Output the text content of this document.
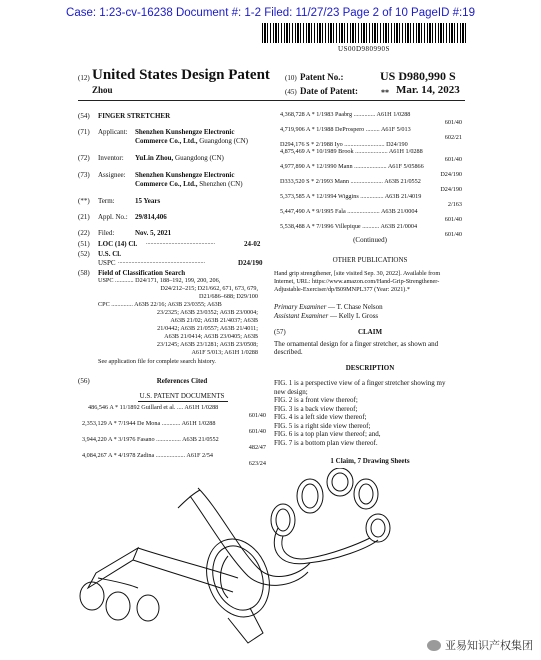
Case: 1:23-cv-16238 Document #: 1-2 Filed: 11/27/23 Page 2 of 10 PageID #:19
US00D980990S
(12) United States Design Patent
Zhou
(10) Patent No.:	US D980,990 S
(45) Date of Patent:	** Mar. 14, 2023
(54) FINGER STRETCHER
(71) Applicant: Shenzhen Kunshengze Electronic
Commerce Co., Ltd., Guangdong (CN)
(72) Inventor: YuLin Zhou, Guangdong (CN)
(73) Assignee: Shenzhen Kunshengze Electronic
Commerce Co., Ltd., Shenzhen (CN)
(**) Term:	15 Years
(21) Appl. No.: 29/814,406
(22) Filed:	Nov. 5, 2021
(51) LOC (14) Cl. ..............................................	24-02
(52) U.S. Cl.
USPC ..........................................................	D24/190
(58) Field of Classification Search
USPC ............ D24/171, 188–192, 199, 200, 206,
D24/212–215; D21/662, 671, 673, 679,
D21/686–688; D29/100
CPC .............. A63B 22/16; A63B 23/0355; A63B
23/2325; A63B 23/0352; A63B 23/0004;
A63B 21/02; A63B 21/4037; A63B
21/0442; A63B 21/0557; A63B 21/4011;
A63B 21/0414; A63B 23/0405; A63B
23/1245; A63B 23/1281; A63B 23/0508;
A61F 5/013; A61H 1/0288
See application file for complete search history.
(56)	References Cited
U.S. PATENT DOCUMENTS
486,546 A * 11/1892 Guillard et al. .... A61H 1/0288
601/40
2,353,129 A * 7/1944 De Mona ............ A61H 1/0288
601/40
3,944,220 A * 3/1976 Fasano ................ A63B 21/0552
482/47
4,084,267 A * 4/1978 Zadina ................... A61F 2/54
623/24
4,368,728 A * 1/1983 Paabrg .............. A61H 1/0288
601/40
4,719,906 A * 1/1988 DeProspero ......... A61F 5/013
602/21
D294,176 S * 2/1988 Iyo .......................... D24/190
4,875,469 A * 10/1989 Brook ..................... A61H 1/0288
601/40
4,977,890 A * 12/1990 Mann ..................... A61F 5/05866
D24/190
D333,520 S * 2/1993 Mann ..................... A63B 21/0552
D24/190
5,373,585 A * 12/1994 Wiggins ............... A63B 21/4019
2/163
5,447,490 A * 9/1995 Fala ..................... A63B 21/0004
601/40
5,538,488 A * 7/1996 Villepique ........... A63B 21/0004
601/40
(Continued)
OTHER PUBLICATIONS
Hand grip strengthener, [site visited Sep. 30, 2022]. Available from
Internet, URL: https://www.amazon.com/Hand-Grip-Strengthener-
Adjustable-Exerciser/dp/B09MNPL377 (Year: 2021).*
Primary Examiner — T. Chase Nelson
Assistant Examiner — Kelly L Gross
(57)	CLAIM
The ornamental design for a finger stretcher, as shown and
described.
DESCRIPTION
FIG. 1 is a perspective view of a finger stretcher showing my
new design;
FIG. 2 is a front view thereof;
FIG. 3 is a back view thereof;
FIG. 4 is a left side view thereof;
FIG. 5 is a right side view thereof;
FIG. 6 is a top plan view thereof; and,
FIG. 7 is a bottom plan view thereof.
1 Claim, 7 Drawing Sheets
亚易知识产权集团
